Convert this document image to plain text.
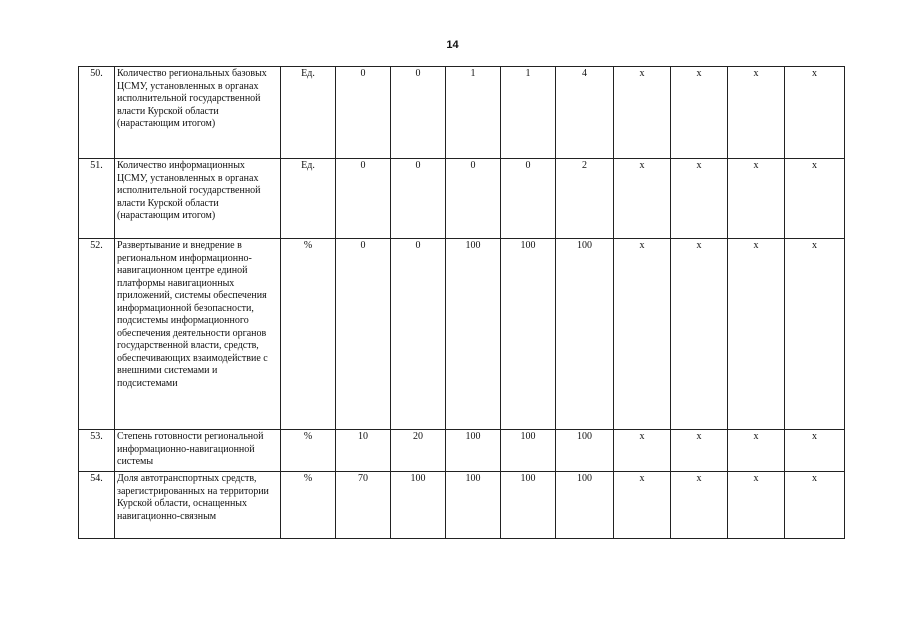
14
50.	Количество региональных базовых ЦСМУ, установленных в органах исполнительной государственной власти Курской области (нарастающим итогом)	Ед.	0	0	1	1	4	х	х	х	х
51.	Количество информационных ЦСМУ, установленных в органах исполнительной государственной власти Курской области (нарастающим итогом)	Ед.	0	0	0	0	2	х	х	х	х
52.	Развертывание и внедрение в региональном информационно-навигационном центре единой платформы навигационных приложений, системы обеспечения информационной безопасности, подсистемы информационного обеспечения деятельности органов государственной власти, средств, обеспечивающих взаимодействие с внешними системами и подсистемами	%	0	0	100	100	100	х	х	х	х
53.	Степень готовности региональной информационно-навигационной системы	%	10	20	100	100	100	х	х	х	х
54.	Доля автотранспортных средств, зарегистрированных на территории Курской области, оснащенных навигационно-связным	%	70	100	100	100	100	х	х	х	х
